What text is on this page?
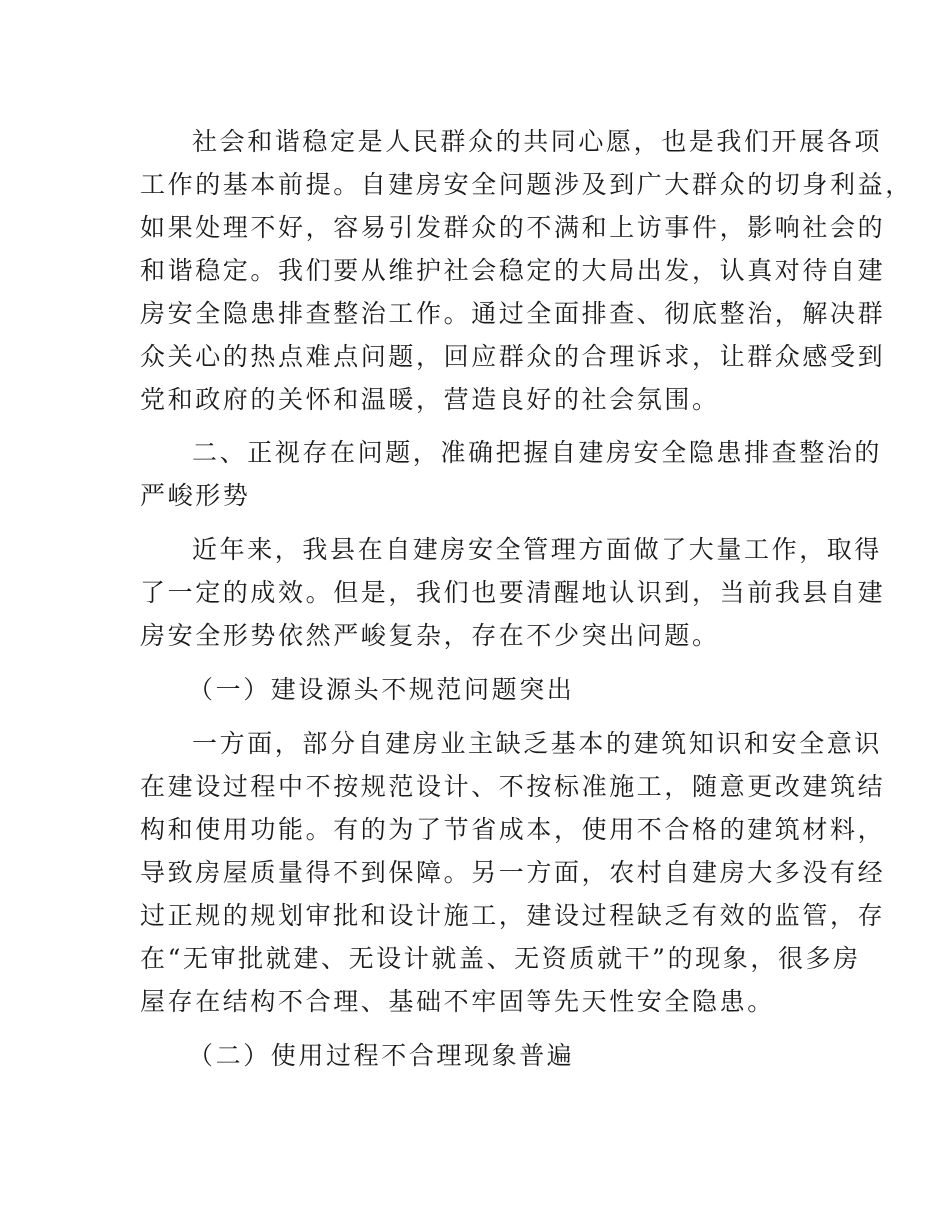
社会和谐稳定是人民群众的共同心愿，也是我们开展各项
工作的基本前提。自建房安全问题涉及到广大群众的切身利益，
如果处理不好，容易引发群众的不满和上访事件，影响社会的
和谐稳定。我们要从维护社会稳定的大局出发，认真对待自建
房安全隐患排查整治工作。通过全面排查、彻底整治，解决群
众关心的热点难点问题，回应群众的合理诉求，让群众感受到
党和政府的关怀和温暖，营造良好的社会氛围。
二、正视存在问题，准确把握自建房安全隐患排查整治的
严峻形势
近年来，我县在自建房安全管理方面做了大量工作，取得
了一定的成效。但是，我们也要清醒地认识到，当前我县自建
房安全形势依然严峻复杂，存在不少突出问题。
（一）建设源头不规范问题突出
一方面，部分自建房业主缺乏基本的建筑知识和安全意识
在建设过程中不按规范设计、不按标准施工，随意更改建筑结
构和使用功能。有的为了节省成本，使用不合格的建筑材料，
导致房屋质量得不到保障。另一方面，农村自建房大多没有经
过正规的规划审批和设计施工，建设过程缺乏有效的监管，存
在“无审批就建、无设计就盖、无资质就干”的现象，很多房
屋存在结构不合理、基础不牢固等先天性安全隐患。
（二）使用过程不合理现象普遍
